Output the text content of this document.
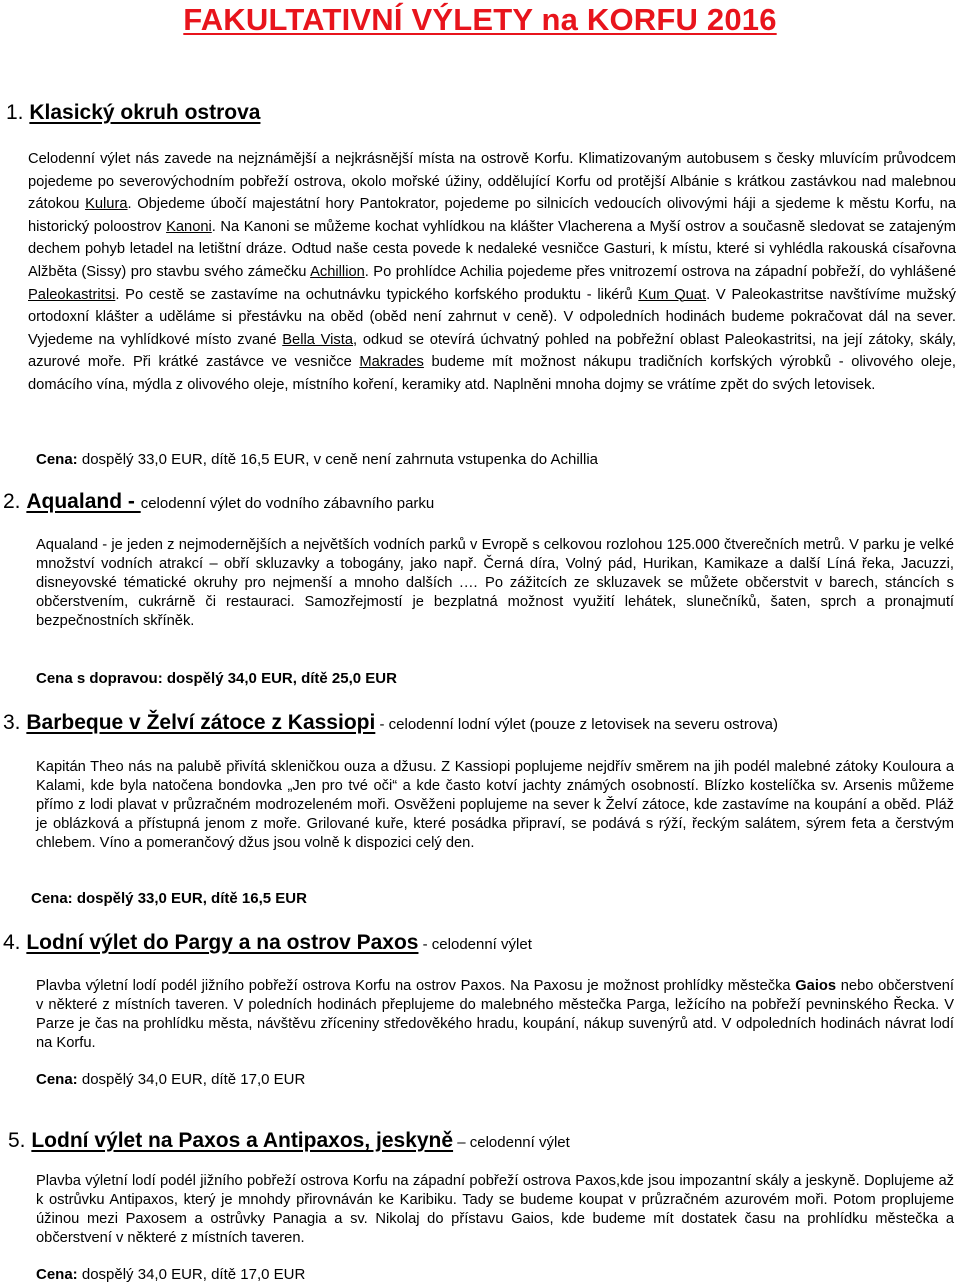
FAKULTATIVNÍ VÝLETY na KORFU 2016
1. Klasický okruh ostrova
Celodenní výlet nás zavede na nejznámější a nejkrásnější místa na ostrově Korfu. Klimatizovaným autobusem s česky mluvícím průvodcem pojedeme po severovýchodním pobřeží ostrova, okolo mořské úžiny, oddělující Korfu od protější Albánie s krátkou zastávkou nad malebnou zátokou Kulura. Objedeme úbočí majestátní hory Pantokrator, pojedeme po silnicích vedoucích olivovými háji a sjedeme k městu Korfu, na historický poloostrov Kanoni. Na Kanoni se můžeme kochat vyhlídkou na klášter Vlacherena a Myší ostrov a současně sledovat se zatajeným dechem pohyb letadel na letištní dráze. Odtud naše cesta povede k nedaleké vesničce Gasturi, k místu, které si vyhlédla rakouská císařovna Alžběta (Sissy) pro stavbu svého zámečku Achillion. Po prohlídce Achilia pojedeme přes vnitrozemí ostrova na západní pobřeží, do vyhlášené Paleokastritsi. Po cestě se zastavíme na ochutnávku typického korfského produktu - likérů Kum Quat. V Paleokastritse navštívíme mužský ortodoxní klášter a uděláme si přestávku na oběd (oběd není zahrnut v ceně). V odpoledních hodinách budeme pokračovat dál na sever. Vyjedeme na vyhlídkové místo zvané Bella Vista, odkud se otevírá úchvatný pohled na pobřežní oblast Paleokastritsi, na její zátoky, skály, azurové moře. Při krátké zastávce ve vesničce Makrades budeme mít možnost nákupu tradičních korfských výrobků - olivového oleje, domácího vína, mýdla z olivového oleje, místního koření, keramiky atd. Naplněni mnoha dojmy se vrátíme zpět do svých letovisek.
Cena: dospělý 33,0 EUR, dítě 16,5 EUR, v ceně není zahrnuta vstupenka do Achillia
2. Aqualand - celodenní výlet do vodního zábavního parku
Aqualand - je jeden z nejmodernějších a největších vodních parků v Evropě s celkovou rozlohou 125.000 čtverečních metrů. V parku je velké množství vodních atrakcí – obří skluzavky a tobogány, jako např. Černá díra, Volný pád, Hurikan, Kamikaze a další Líná řeka, Jacuzzi, disneyovské tématické okruhy pro nejmenší a mnoho dalších .… Po zážitcích ze skluzavek se můžete občerstvit v barech, stáncích s občerstvením, cukrárně či restauraci. Samozřejmostí je bezplatná možnost využití lehátek, slunečníků, šaten, sprch a pronajmutí bezpečnostních skříněk.
Cena s dopravou: dospělý 34,0 EUR, dítě 25,0 EUR
3. Barbeque v Želví zátoce z Kassiopi - celodenní lodní výlet (pouze z letovisek na severu ostrova)
Kapitán Theo nás na palubě přivítá skleničkou ouza a džusu. Z Kassiopi poplujeme nejdřív směrem na jih podél malebné zátoky Kouloura a Kalami, kde byla natočena bondovka „Jen pro tvé oči“ a kde často kotví jachty známých osobností. Blízko kostelíčka sv. Arsenis můžeme přímo z lodi plavat v průzračném modrozeleném moři. Osvěženi poplujeme na sever k Želví zátoce, kde zastavíme na koupání a oběd. Pláž je oblázková a přístupná jenom z moře. Grilované kuře, které posádka připraví, se podává s rýží, řeckým salátem, sýrem feta a čerstvým chlebem. Víno a pomerančový džus jsou volně k dispozici celý den.
Cena: dospělý 33,0 EUR, dítě 16,5 EUR
4. Lodní výlet do Pargy a na ostrov Paxos - celodenní výlet
Plavba výletní lodí podél jižního pobřeží ostrova Korfu na ostrov Paxos. Na Paxosu je možnost prohlídky městečka Gaios nebo občerstvení v některé z místních taveren. V poledních hodinách přeplujeme do malebného městečka Parga, ležícího na pobřeží pevninského Řecka. V Parze je čas na prohlídku města, návštěvu zříceniny středověkého hradu, koupání, nákup suvenýrů atd. V odpoledních hodinách návrat lodí na Korfu.
Cena: dospělý 34,0 EUR, dítě 17,0 EUR
5. Lodní výlet na Paxos a Antipaxos, jeskyně – celodenní výlet
Plavba výletní lodí podél jižního pobřeží ostrova Korfu na západní pobřeží ostrova Paxos,kde jsou impozantní skály a jeskyně. Doplujeme až k ostrůvku Antipaxos, který je mnohdy přirovnáván ke Karibiku. Tady se budeme koupat v průzračném azurovém moři. Potom proplujeme úžinou mezi Paxosem a ostrůvky Panagia a sv. Nikolaj do přístavu Gaios, kde budeme mít dostatek času na prohlídku městečka a občerstvení v některé z místních taveren.
Cena: dospělý 34,0 EUR, dítě 17,0 EUR
